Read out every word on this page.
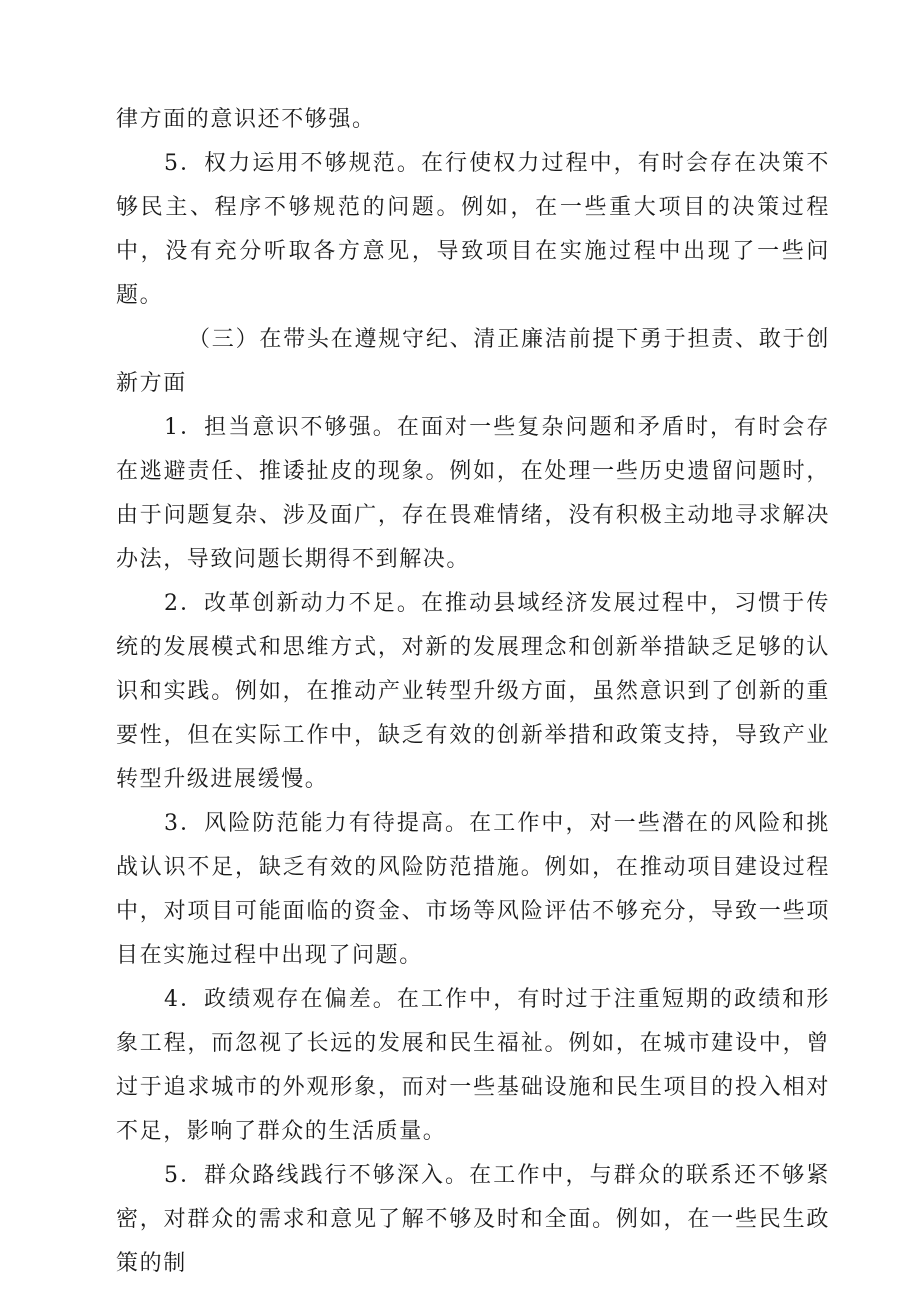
律方面的意识还不够强。

5．权力运用不够规范。在行使权力过程中，有时会存在决策不够民主、程序不够规范的问题。例如，在一些重大项目的决策过程中，没有充分听取各方意见，导致项目在实施过程中出现了一些问题。

（三）在带头在遵规守纪、清正廉洁前提下勇于担责、敢于创新方面

1．担当意识不够强。在面对一些复杂问题和矛盾时，有时会存在逃避责任、推诿扯皮的现象。例如，在处理一些历史遗留问题时，由于问题复杂、涉及面广，存在畏难情绪，没有积极主动地寻求解决办法，导致问题长期得不到解决。

2．改革创新动力不足。在推动县域经济发展过程中，习惯于传统的发展模式和思维方式，对新的发展理念和创新举措缺乏足够的认识和实践。例如，在推动产业转型升级方面，虽然意识到了创新的重要性，但在实际工作中，缺乏有效的创新举措和政策支持，导致产业转型升级进展缓慢。

3．风险防范能力有待提高。在工作中，对一些潜在的风险和挑战认识不足，缺乏有效的风险防范措施。例如，在推动项目建设过程中，对项目可能面临的资金、市场等风险评估不够充分，导致一些项目在实施过程中出现了问题。

4．政绩观存在偏差。在工作中，有时过于注重短期的政绩和形象工程，而忽视了长远的发展和民生福祉。例如，在城市建设中，曾过于追求城市的外观形象，而对一些基础设施和民生项目的投入相对不足，影响了群众的生活质量。

5．群众路线践行不够深入。在工作中，与群众的联系还不够紧密，对群众的需求和意见了解不够及时和全面。例如，在一些民生政策的制
